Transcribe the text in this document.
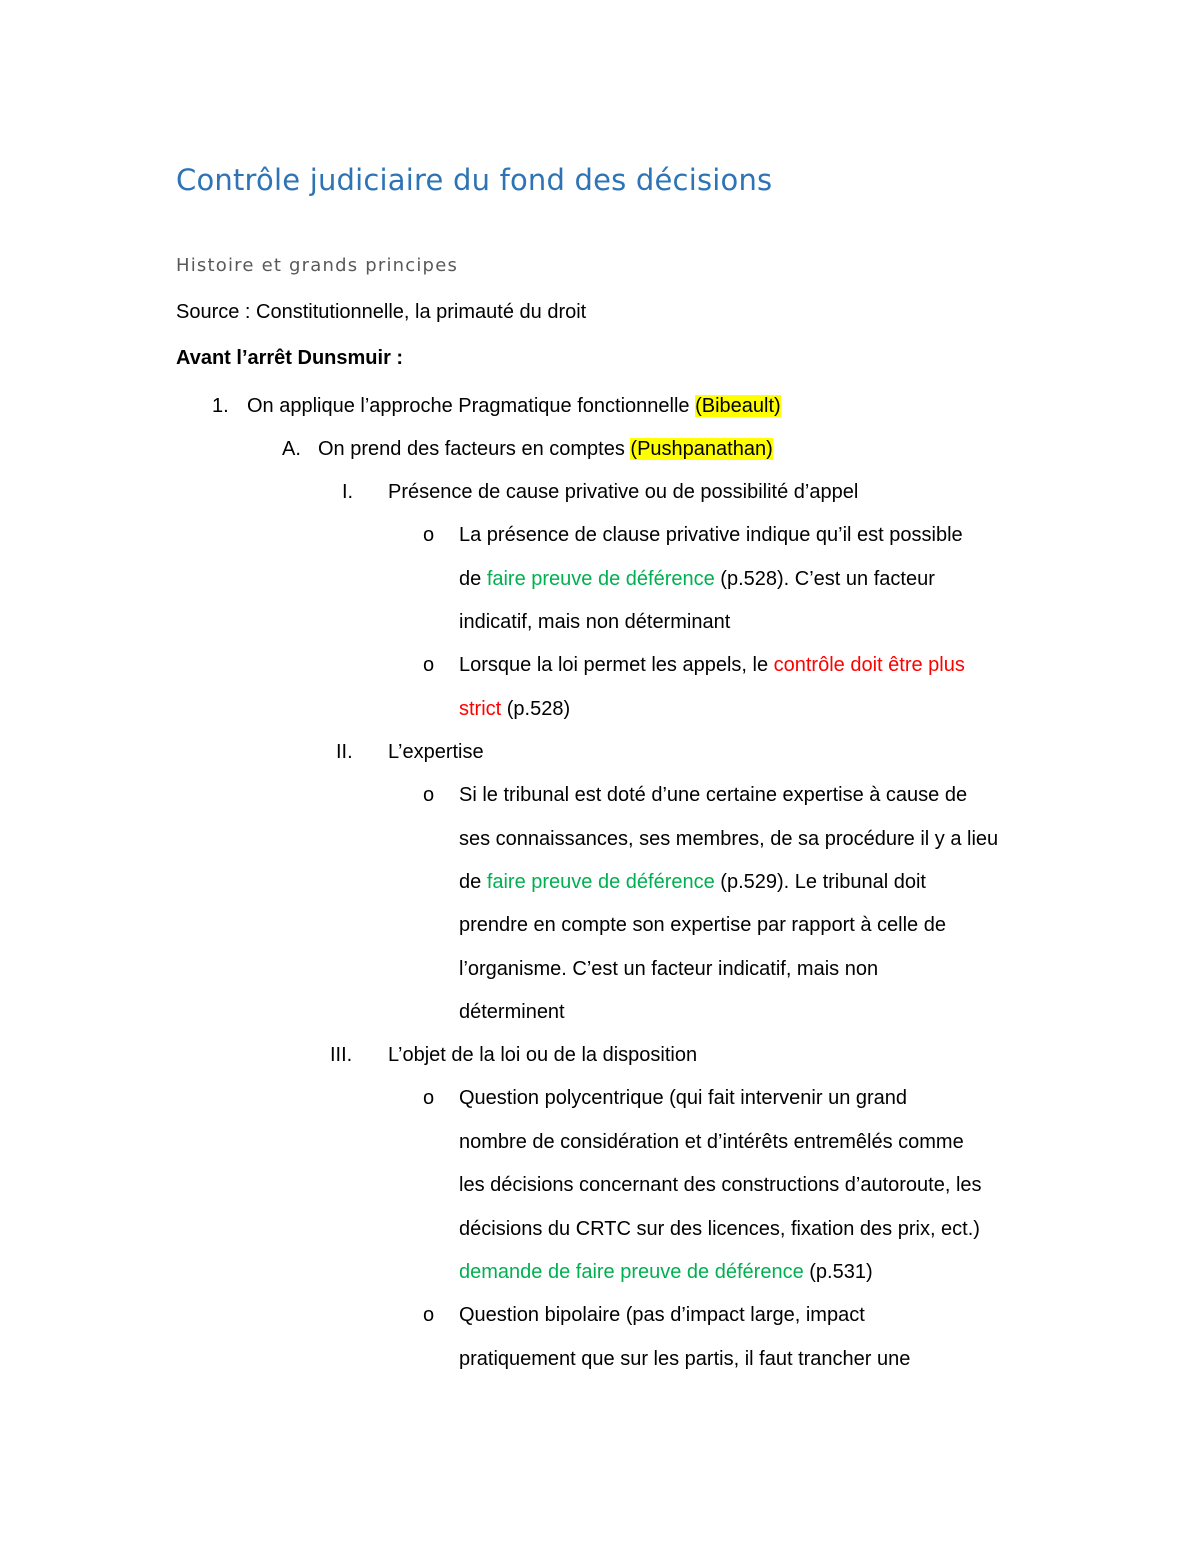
Contrôle judiciaire du fond des décisions
Histoire et grands principes
Source : Constitutionnelle, la primauté du droit
Avant l’arrêt Dunsmuir :
1. On applique l’approche Pragmatique fonctionnelle (Bibeault)
A. On prend des facteurs en comptes (Pushpanathan)
I. Présence de cause privative ou de possibilité d’appel
o La présence de clause privative indique qu’il est possible
de faire preuve de déférence (p.528). C’est un facteur
indicatif, mais non déterminant
o Lorsque la loi permet les appels, le contrôle doit être plus
strict (p.528)
II. L’expertise
o Si le tribunal est doté d’une certaine expertise à cause de
ses connaissances, ses membres, de sa procédure il y a lieu
de faire preuve de déférence (p.529). Le tribunal doit
prendre en compte son expertise par rapport à celle de
l’organisme. C’est un facteur indicatif, mais non
déterminent
III. L’objet de la loi ou de la disposition
o Question polycentrique (qui fait intervenir un grand
nombre de considération et d’intérêts entremêlés comme
les décisions concernant des constructions d’autoroute, les
décisions du CRTC sur des licences, fixation des prix, ect.)
demande de faire preuve de déférence (p.531)
o Question bipolaire (pas d’impact large, impact
pratiquement que sur les partis, il faut trancher une
